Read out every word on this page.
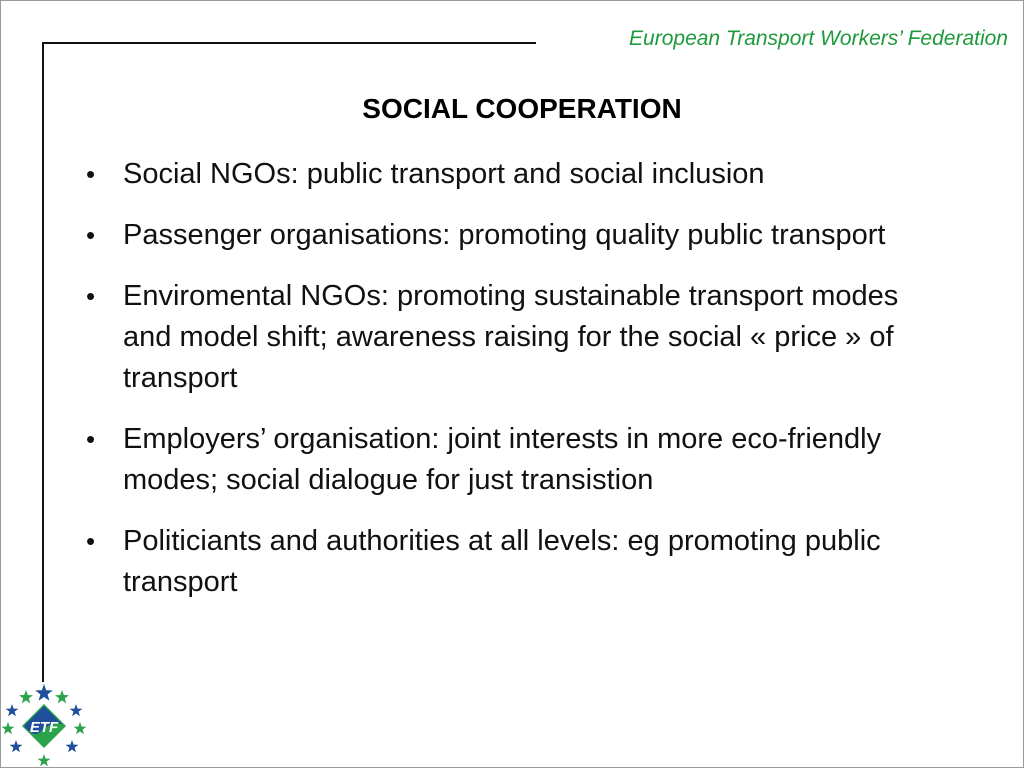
European Transport Workers’ Federation
SOCIAL COOPERATION
• Social NGOs: public transport and social inclusion
• Passenger organisations: promoting quality public transport
• Enviromental NGOs: promoting sustainable transport modes and model shift; awareness raising for the social « price » of transport
• Employers’ organisation: joint interests in more eco-friendly modes; social dialogue for just transistion
• Politiciants and authorities at all levels: eg promoting public transport
ETF
